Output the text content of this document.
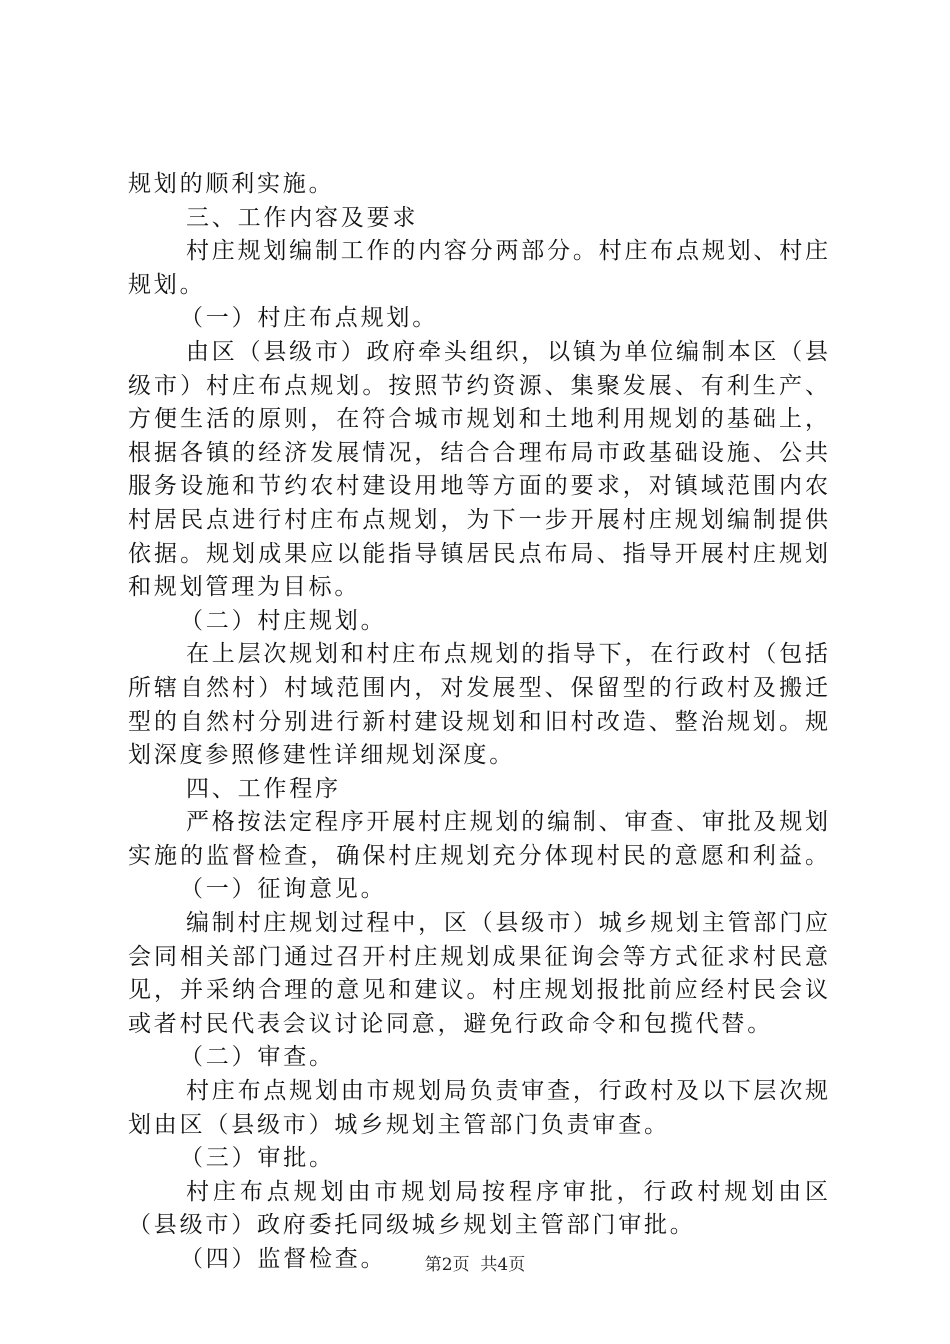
规划的顺利实施。
三、工作内容及要求
村庄规划编制工作的内容分两部分。村庄布点规划、村庄
规划。
（一）村庄布点规划。
由区（县级市）政府牵头组织，以镇为单位编制本区（县
级市）村庄布点规划。按照节约资源、集聚发展、有利生产、
方便生活的原则，在符合城市规划和土地利用规划的基础上，
根据各镇的经济发展情况，结合合理布局市政基础设施、公共
服务设施和节约农村建设用地等方面的要求，对镇域范围内农
村居民点进行村庄布点规划，为下一步开展村庄规划编制提供
依据。规划成果应以能指导镇居民点布局、指导开展村庄规划
和规划管理为目标。
（二）村庄规划。
在上层次规划和村庄布点规划的指导下，在行政村（包括
所辖自然村）村域范围内，对发展型、保留型的行政村及搬迁
型的自然村分别进行新村建设规划和旧村改造、整治规划。规
划深度参照修建性详细规划深度。
四、工作程序
严格按法定程序开展村庄规划的编制、审查、审批及规划
实施的监督检查，确保村庄规划充分体现村民的意愿和利益。
（一）征询意见。
编制村庄规划过程中，区（县级市）城乡规划主管部门应
会同相关部门通过召开村庄规划成果征询会等方式征求村民意
见，并采纳合理的意见和建议。村庄规划报批前应经村民会议
或者村民代表会议讨论同意，避免行政命令和包揽代替。
（二）审查。
村庄布点规划由市规划局负责审查，行政村及以下层次规
划由区（县级市）城乡规划主管部门负责审查。
（三）审批。
村庄布点规划由市规划局按程序审批，行政村规划由区
（县级市）政府委托同级城乡规划主管部门审批。
（四）监督检查。	第2页  共4页
